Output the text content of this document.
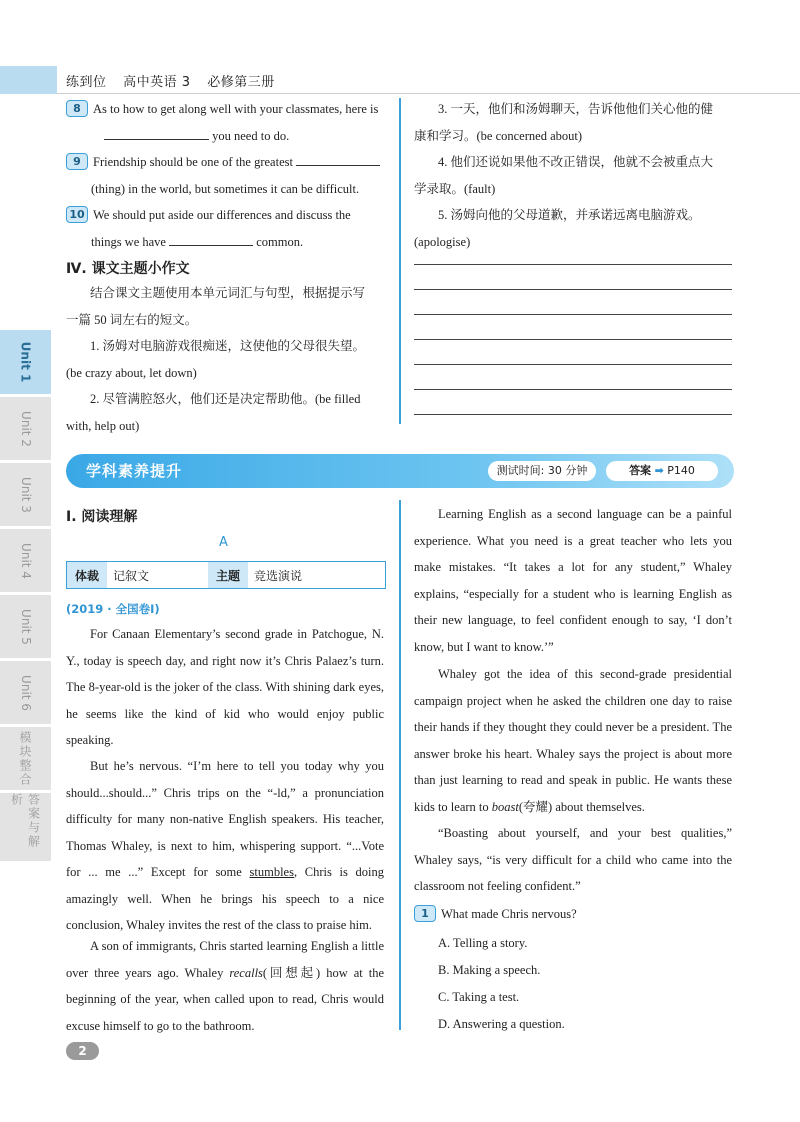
练到位 高中英语 3 必修第三册
Unit 1
Unit 2
Unit 3
Unit 4
Unit 5
Unit 6
模块整合
答案与解析
8 As to how to get along well with your classmates, here is
you need to do.
9 Friendship should be one of the greatest
(thing) in the world, but sometimes it can be difficult.
10 We should put aside our differences and discuss the
things we have	common.
Ⅳ. 课文主题小作文
结合课文主题使用本单元词汇与句型，根据提示写
一篇 50 词左右的短文。
1. 汤姆对电脑游戏很痴迷，这使他的父母很失望。
(be crazy about, let down)
2. 尽管满腔怒火，他们还是决定帮助他。(be filled
with, help out)
3. 一天，他们和汤姆聊天，告诉他他们关心他的健
康和学习。(be concerned about)
4. 他们还说如果他不改正错误，他就不会被重点大
学录取。(fault)
5. 汤姆向他的父母道歉，并承诺远离电脑游戏。
(apologise)
学科素养提升	测试时间: 30 分钟	答案 ➡ P140
Ⅰ. 阅读理解
A
体裁	记叙文	主题	竞选演说
(2019 · 全国卷Ⅰ)
For Canaan Elementary’s second grade in Patchogue, N. Y., today is speech day, and right now it’s Chris Palaez’s turn. The 8-year-old is the joker of the class. With shining dark eyes, he seems like the kind of kid who would enjoy public speaking.
But he’s nervous. “I’m here to tell you today why you should...should...” Chris trips on the “-ld,” a pronunciation difficulty for many non-native English speakers. His teacher, Thomas Whaley, is next to him, whispering support. “...Vote for ... me ...” Except for some stumbles, Chris is doing amazingly well. When he brings his speech to a nice conclusion, Whaley invites the rest of the class to praise him.
A son of immigrants, Chris started learning English a little over three years ago. Whaley recalls(回想起) how at the beginning of the year, when called upon to read, Chris would excuse himself to go to the bathroom.
Learning English as a second language can be a painful experience. What you need is a great teacher who lets you make mistakes. “It takes a lot for any student,” Whaley explains, “especially for a student who is learning English as their new language, to feel confident enough to say, ‘I don’t know, but I want to know.’”
Whaley got the idea of this second-grade presidential campaign project when he asked the children one day to raise their hands if they thought they could never be a president. The answer broke his heart. Whaley says the project is about more than just learning to read and speak in public. He wants these kids to learn to boast(夸耀) about themselves.
“Boasting about yourself, and your best qualities,” Whaley says, “is very difficult for a child who came into the classroom not feeling confident.”
1 What made Chris nervous?
A. Telling a story.
B. Making a speech.
C. Taking a test.
D. Answering a question.
2
